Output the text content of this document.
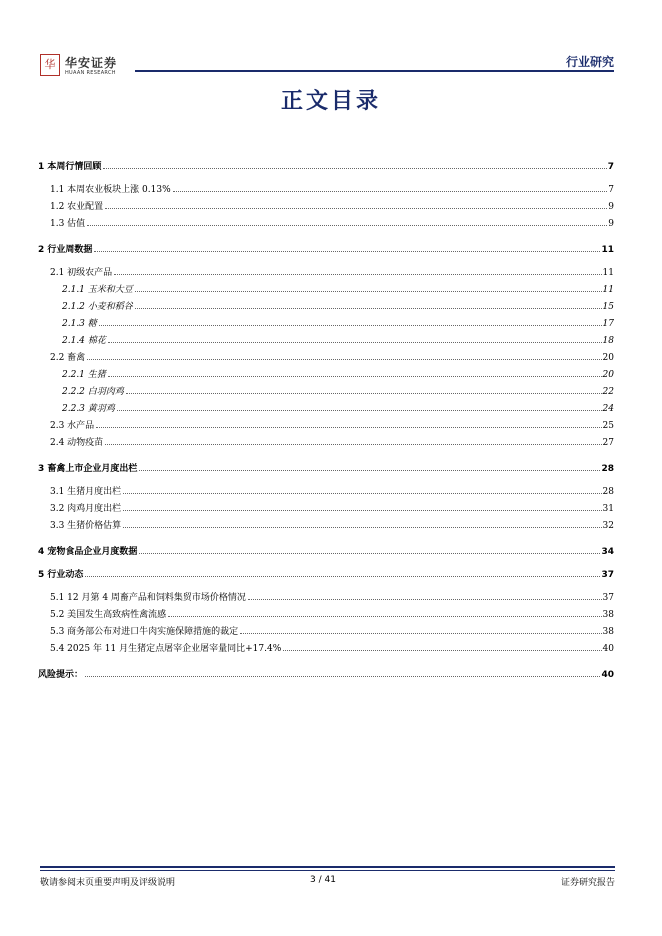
华 华安证券
HUAAN RESEARCH
行业研究
正文目录
1 本周行情回顾	7
1.1 本周农业板块上涨 0.13%	7
1.2 农业配置	9
1.3 估值	9
2 行业周数据	11
2.1 初级农产品	11
2.1.1 玉米和大豆	11
2.1.2 小麦和稻谷	15
2.1.3 糖	17
2.1.4 棉花	18
2.2 畜禽	20
2.2.1 生猪	20
2.2.2 白羽肉鸡	22
2.2.3 黄羽鸡	24
2.3 水产品	25
2.4 动物疫苗	27
3 畜禽上市企业月度出栏	28
3.1 生猪月度出栏	28
3.2 肉鸡月度出栏	31
3.3 生猪价格估算	32
4 宠物食品企业月度数据	34
5 行业动态	37
5.1 12 月第 4 周畜产品和饲料集贸市场价格情况	37
5.2 美国发生高致病性禽流感	38
5.3 商务部公布对进口牛肉实施保障措施的裁定	38
5.4 2025 年 11 月生猪定点屠宰企业屠宰量同比+17.4%	40
风险提示：	40
敬请参阅末页重要声明及评级说明	3 / 41	证券研究报告
